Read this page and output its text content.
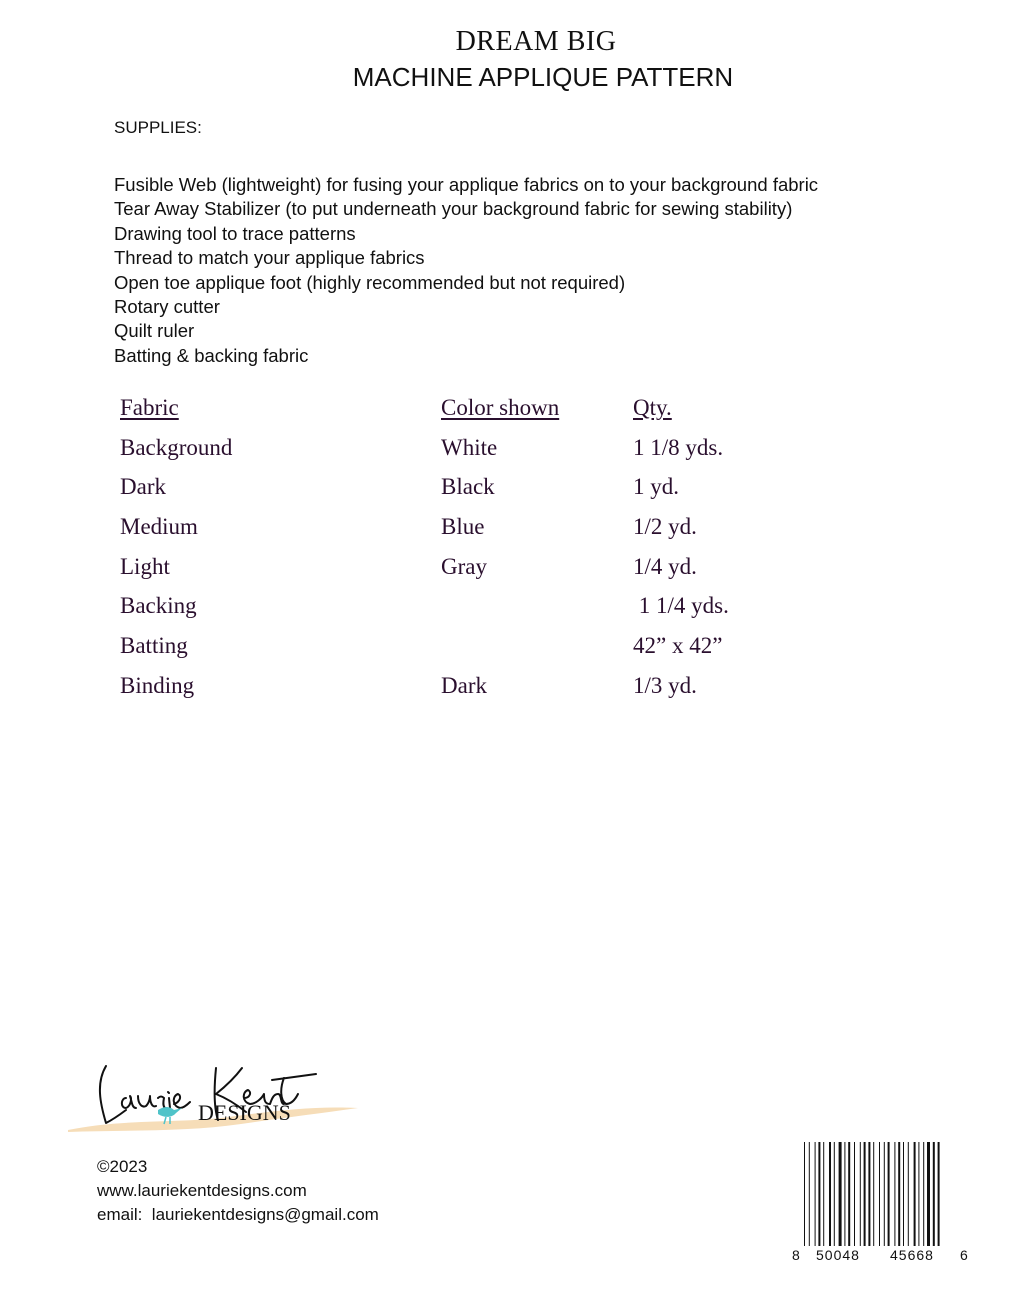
DREAM BIG
MACHINE APPLIQUE PATTERN
SUPPLIES:
Fusible Web (lightweight) for fusing your applique fabrics on to your background fabric
Tear Away Stabilizer (to put underneath your background fabric for sewing stability)
Drawing tool to trace patterns
Thread to match your applique fabrics
Open toe applique foot (highly recommended but not required)
Rotary cutter
Quilt ruler
Batting & backing fabric
Fabric	Color shown	Qty.
Background	White	1 1/8 yds.
Dark	Black	1 yd.
Medium	Blue	1/2 yd.
Light	Gray	1/4 yd.
Backing		1 1/4 yds.
Batting		42” x 42”
Binding	Dark	1/3 yd.
DESIGNS
©2023
www.lauriekentdesigns.com
email:  lauriekentdesigns@gmail.com
8 50048 45668 6
